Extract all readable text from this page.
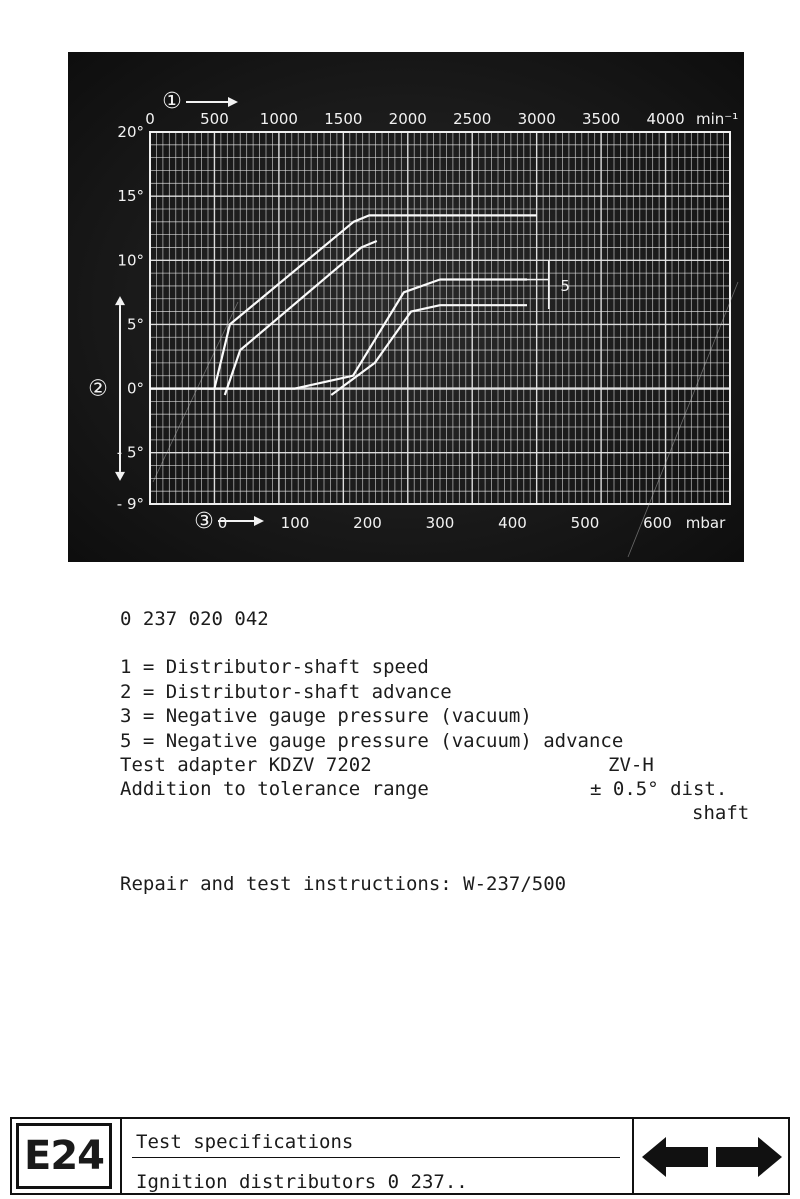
0	500 1000 1500 2000 2500 3000 3500 4000 min⁻¹
①
20°
15°
10°
5°
0°
- 5°
- 9°
②
0	100	200	300	400	500	600 mbar
③
5
0 237 020 042
1 = Distributor-shaft speed
2 = Distributor-shaft advance
3 = Negative gauge pressure (vacuum)
5 = Negative gauge pressure (vacuum) advance
Test adapter KDZV 7202	ZV-H
Addition to tolerance range	± 0.5° dist.
shaft
Repair and test instructions: W-237/500
E24	Test specifications
Ignition distributors 0 237..
